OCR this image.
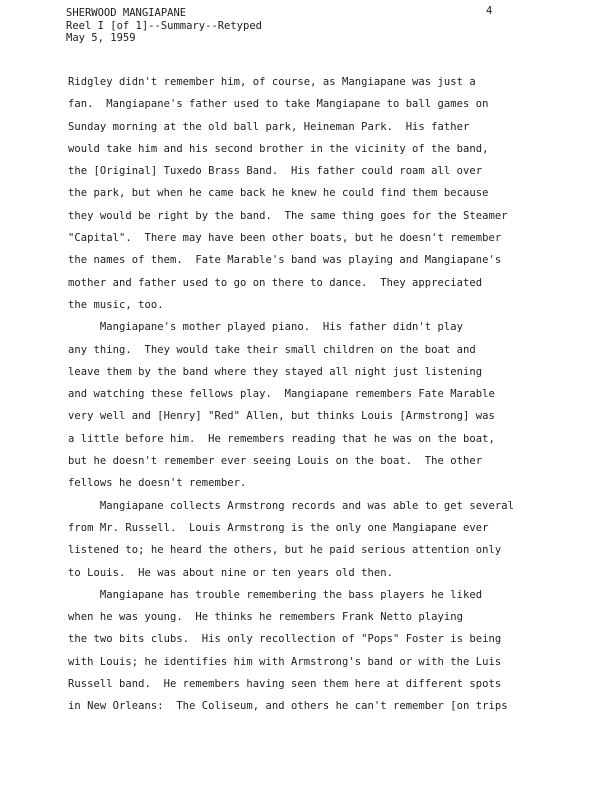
SHERWOOD MANGIAPANE
Reel I [of 1]--Summary--Retyped
May 5, 1959
4
Ridgley didn't remember him, of course, as Mangiapane was just a
fan.  Mangiapane's father used to take Mangiapane to ball games on
Sunday morning at the old ball park, Heineman Park.  His father
would take him and his second brother in the vicinity of the band,
the [Original] Tuxedo Brass Band.  His father could roam all over
the park, but when he came back he knew he could find them because
they would be right by the band.  The same thing goes for the Steamer
"Capital".  There may have been other boats, but he doesn't remember
the names of them.  Fate Marable's band was playing and Mangiapane's
mother and father used to go on there to dance.  They appreciated
the music, too.
Mangiapane's mother played piano.  His father didn't play
any thing.  They would take their small children on the boat and
leave them by the band where they stayed all night just listening
and watching these fellows play.  Mangiapane remembers Fate Marable
very well and [Henry] "Red" Allen, but thinks Louis [Armstrong] was
a little before him.  He remembers reading that he was on the boat,
but he doesn't remember ever seeing Louis on the boat.  The other
fellows he doesn't remember.
Mangiapane collects Armstrong records and was able to get several
from Mr. Russell.  Louis Armstrong is the only one Mangiapane ever
listened to; he heard the others, but he paid serious attention only
to Louis.  He was about nine or ten years old then.
Mangiapane has trouble remembering the bass players he liked
when he was young.  He thinks he remembers Frank Netto playing
the two bits clubs.  His only recollection of "Pops" Foster is being
with Louis; he identifies him with Armstrong's band or with the Luis
Russell band.  He remembers having seen them here at different spots
in New Orleans:  The Coliseum, and others he can't remember [on trips
